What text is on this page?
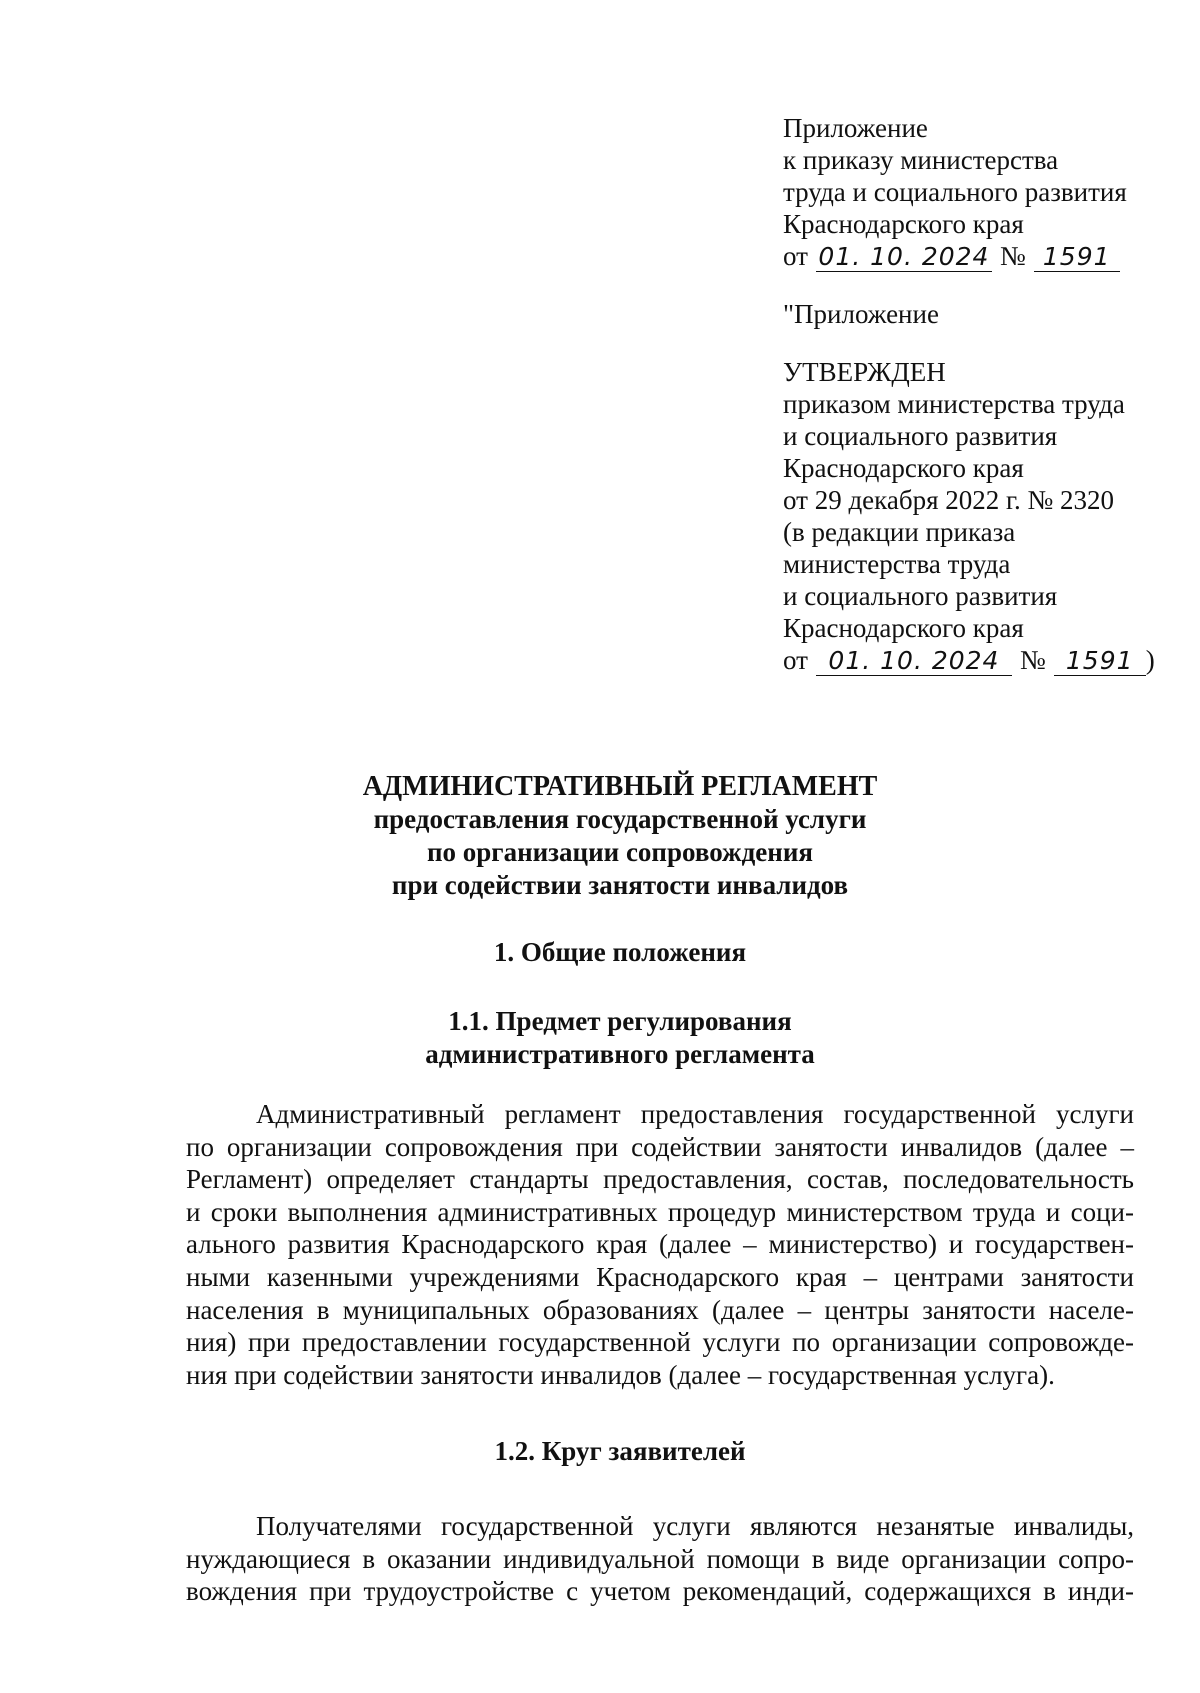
Приложение
к приказу министерства
труда и социального развития
Краснодарского края
от 01. 10. 2024 № 1591
"Приложение
УТВЕРЖДЕН
приказом министерства труда
и социального развития
Краснодарского края
от 29 декабря 2022 г. № 2320
(в редакции приказа
министерства труда
и социального развития
Краснодарского края
от 01. 10. 2024 № 1591 )
АДМИНИСТРАТИВНЫЙ РЕГЛАМЕНТ
предоставления государственной услуги
по организации сопровождения
при содействии занятости инвалидов
1. Общие положения
1.1. Предмет регулирования
административного регламента
Административный регламент предоставления государственной услуги
по организации сопровождения при содействии занятости инвалидов (далее –
Регламент) определяет стандарты предоставления, состав, последовательность
и сроки выполнения административных процедур министерством труда и соци-
ального развития Краснодарского края (далее – министерство) и государствен-
ными казенными учреждениями Краснодарского края – центрами занятости
населения в муниципальных образованиях (далее – центры занятости населе-
ния) при предоставлении государственной услуги по организации сопровожде-
ния при содействии занятости инвалидов (далее – государственная услуга).
1.2. Круг заявителей
Получателями государственной услуги являются незанятые инвалиды,
нуждающиеся в оказании индивидуальной помощи в виде организации сопро-
вождения при трудоустройстве с учетом рекомендаций, содержащихся в инди-
